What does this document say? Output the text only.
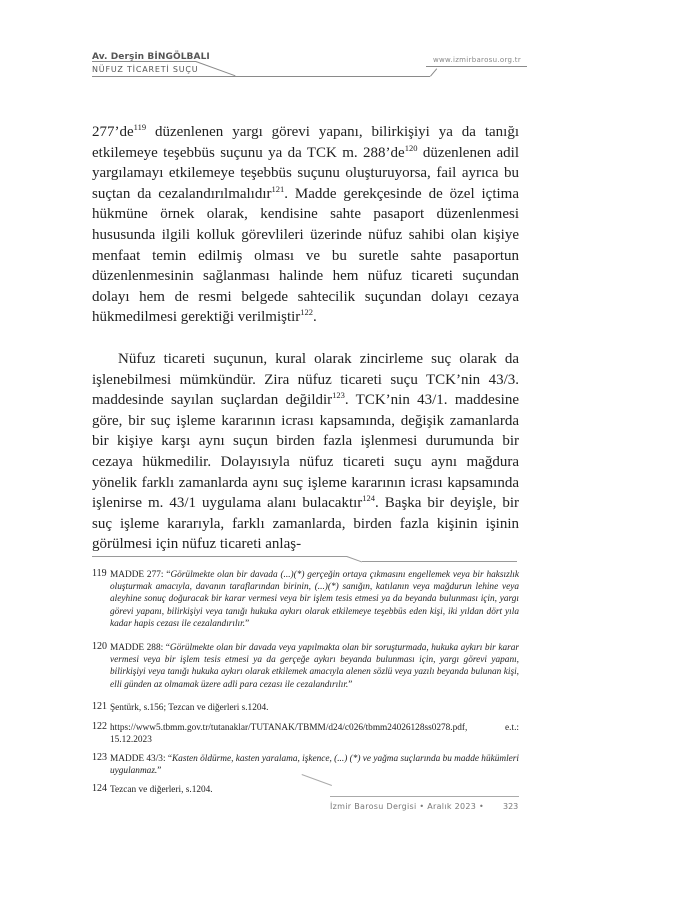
Av. Derşin BİNGÖLBALI
NÜFUZ TİCARETİ SUÇU
www.izmirbarosu.org.tr
$277’de^{119}$ düzenlenen yargı görevi yapanı, bilirkişiyi ya da tanığı etkilemeye teşebbüs suçunu ya da TCK m. $288’de^{120}$ düzenlenen adil yargılamayı etkilemeye teşebbüs suçunu oluşturuyorsa, fail ayrıca bu suçtan da cezalandırılmalıdır$^{121}$. Madde gerekçesinde de özel içtima hükmüne örnek olarak, kendisine sahte pasaport düzenlenmesi hususunda ilgili kolluk görevlileri üzerinde nüfuz sahibi olan kişiye menfaat temin edilmiş olması ve bu suretle sahte pasaportun düzenlenmesinin sağlanması halinde hem nüfuz ticareti suçundan dolayı hem de resmi belgede sahtecilik suçundan dolayı cezaya hükmedilmesi gerektiği verilmiştir$^{122}$.
Nüfuz ticareti suçunun, kural olarak zincirleme suç olarak da işlenebilmesi mümkündür. Zira nüfuz ticareti suçu TCK’nin 43/3. maddesinde sayılan suçlardan değildir$^{123}$. TCK’nin 43/1. maddesine göre, bir suç işleme kararının icrası kapsamında, değişik zamanlarda bir kişiye karşı aynı suçun birden fazla işlenmesi durumunda bir cezaya hükmedilir. Dolayısıyla nüfuz ticareti suçu aynı mağdura yönelik farklı zamanlarda aynı suç işleme kararının icrası kapsamında işlenirse m. 43/1 uygulama alanı bulacaktır$^{124}$. Başka bir deyişle, bir suç işleme kararıyla, farklı zamanlarda, birden fazla kişinin işinin görülmesi için nüfuz ticareti anlaş-
119 MADDE 277: “Görülmekte olan bir davada (...)(*) gerçeğin ortaya çıkmasını engellemek veya bir haksızlık oluşturmak amacıyla, davanın taraflarından birinin, (...)(*) sanığın, katılanın veya mağdurun lehine veya aleyhine sonuç doğuracak bir karar vermesi veya bir işlem tesis etmesi ya da beyanda bulunması için, yargı görevi yapanı, bilirkişiyi veya tanığı hukuka aykırı olarak etkilemeye teşebbüs eden kişi, iki yıldan dört yıla kadar hapis cezası ile cezalandırılır.”
120 MADDE 288: “Görülmekte olan bir davada veya yapılmakta olan bir soruşturmada, hukuka aykırı bir karar vermesi veya bir işlem tesis etmesi ya da gerçeğe aykırı beyanda bulunması için, yargı görevi yapanı, bilirkişiyi veya tanığı hukuka aykırı olarak etkilemek amacıyla alenen sözlü veya yazılı beyanda bulunan kişi, elli günden az olmamak üzere adli para cezası ile cezalandırılır.”
121 Şentürk, s.156; Tezcan ve diğerleri s.1204.
122 https://www5.tbmm.gov.tr/tutanaklar/TUTANAK/TBMM/d24/c026/tbmm24026128ss0278.pdf, e.t.: 15.12.2023
123 MADDE 43/3: “Kasten öldürme, kasten yaralama, işkence, (...) (*) ve yağma suçlarında bu madde hükümleri uygulanmaz.”
124 Tezcan ve diğerleri, s.1204.
İzmir Barosu Dergisi • Aralık 2023 • 323
